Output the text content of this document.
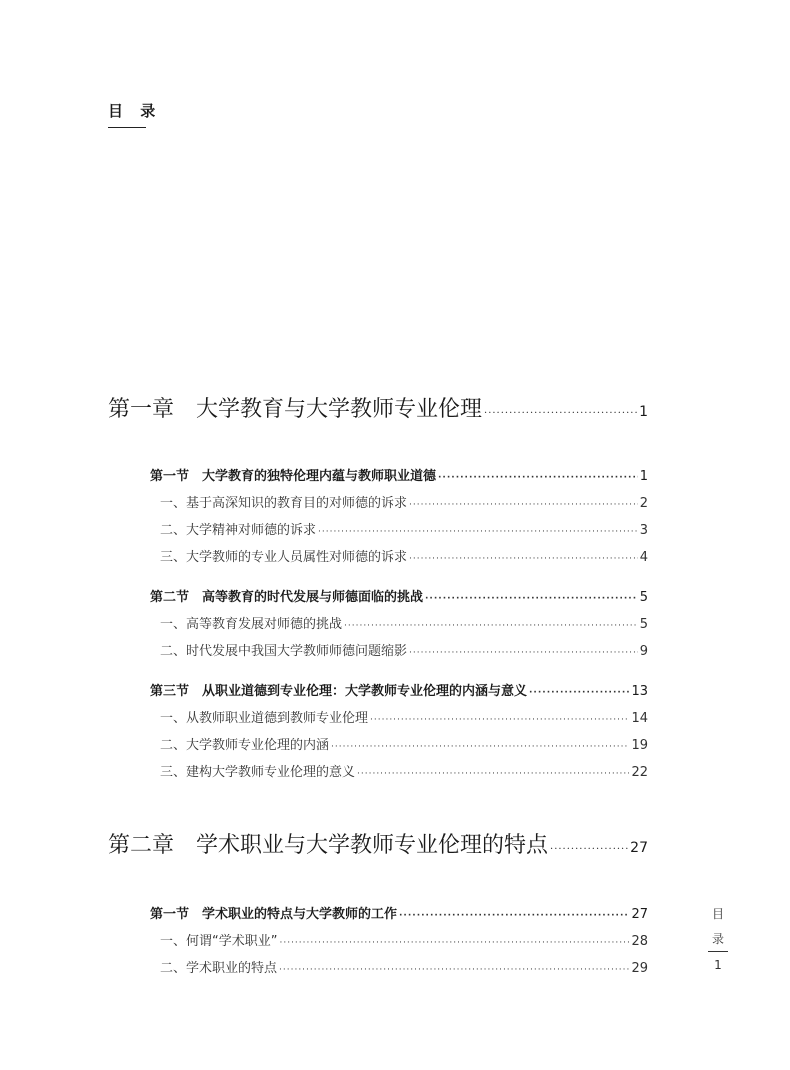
目 录
第一章　大学教育与大学教师专业伦理 ·····	1
第一节　大学教育的独特伦理内蕴与教师职业道德 ·····	1
一、基于高深知识的教育目的对师德的诉求 ·····	2
二、大学精神对师德的诉求 ·····	3
三、大学教师的专业人员属性对师德的诉求 ·····	4
第二节　高等教育的时代发展与师德面临的挑战 ·····	5
一、高等教育发展对师德的挑战 ·····	5
二、时代发展中我国大学教师师德问题缩影 ·····	9
第三节　从职业道德到专业伦理：大学教师专业伦理的内涵与意义 ·····	13
一、从教师职业道德到教师专业伦理 ·····	14
二、大学教师专业伦理的内涵 ·····	19
三、建构大学教师专业伦理的意义 ·····	22
第二章　学术职业与大学教师专业伦理的特点 ·····	27
第一节　学术职业的特点与大学教师的工作 ·····	27
一、何谓“学术职业” ·····	28
二、学术职业的特点 ·····	29
目
录
1
